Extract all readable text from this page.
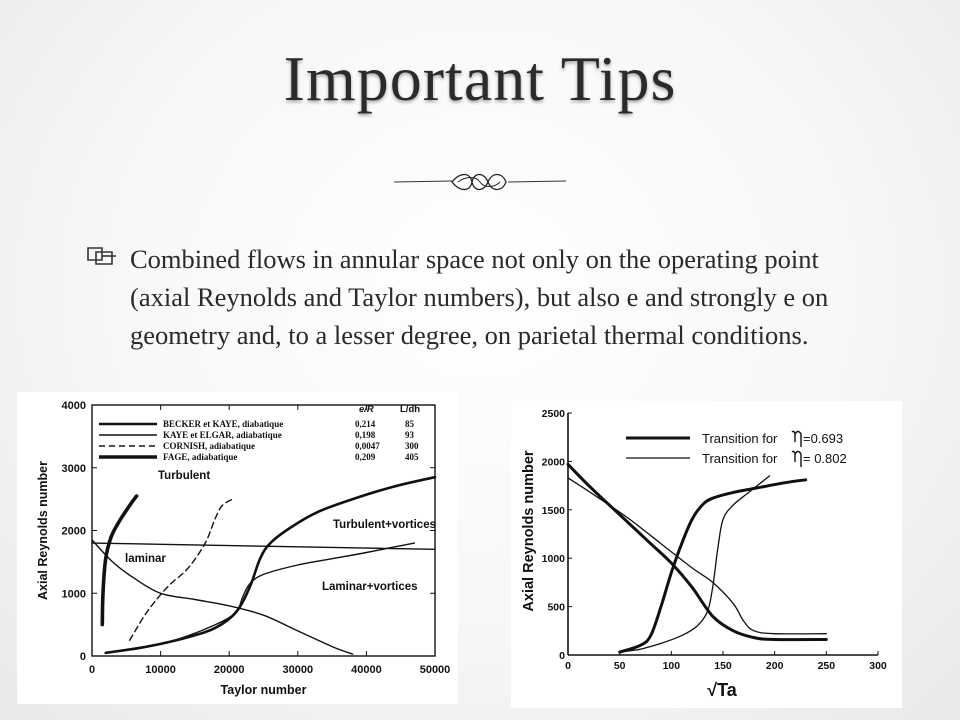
Important Tips
Combined flows in annular space not only on the operating point (axial Reynolds and Taylor numbers), but also e and strongly e on geometry and, to a lesser degree, on parietal thermal conditions.
0	10000	20000	30000	40000	50000
0
1000
2000
3000
4000
Taylor number
Axial Reynolds number
e/R	L/dh
BECKER et KAYE, diabatique	0,214	85
KAYE et ELGAR, adiabatique	0,198	93
CORNISH, adiabatique	0,0047	300
FAGE, adiabatique	0,209	405
Turbulent
Turbulent+vortices
laminar
Laminar+vortices
0	50	100	150	200	250	300
0
500
1000
1500
2000
2500
√Ta
Axial Reynolds number
Transition for =0.693
Transition for = 0.802
